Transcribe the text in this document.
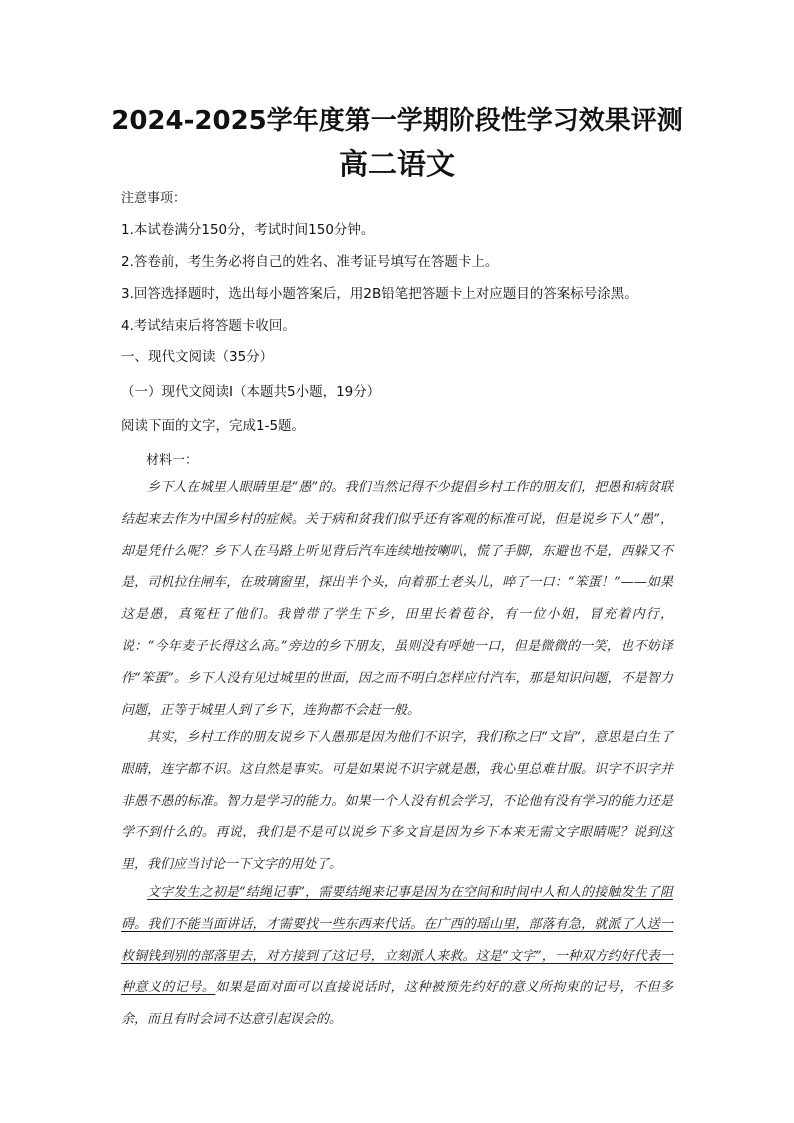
2024-2025学年度第一学期阶段性学习效果评测
高二语文

注意事项：

1.本试卷满分150分，考试时间150分钟。

2.答卷前，考生务必将自己的姓名、准考证号填写在答题卡上。

3.回答选择题时，选出每小题答案后，用2B铅笔把答题卡上对应题目的答案标号涂黑。

4.考试结束后将答题卡收回。

一、现代文阅读（35分）

（一）现代文阅读Ⅰ（本题共5小题，19分）

阅读下面的文字，完成1-5题。

材料一：

乡下人在城里人眼睛里是“愚”的。我们当然记得不少提倡乡村工作的朋友们，把愚和病贫联结起来去作为中国乡村的症候。关于病和贫我们似乎还有客观的标准可说，但是说乡下人“愚”，却是凭什么呢？乡下人在马路上听见背后汽车连续地按喇叭，慌了手脚，东避也不是，西躲又不是，司机拉住闸车，在玻璃窗里，探出半个头，向着那土老头儿，啐了一口：“笨蛋！”——如果这是愚，真冤枉了他们。我曾带了学生下乡，田里长着苞谷，有一位小姐，冒充着内行，说：“今年麦子长得这么高。”旁边的乡下朋友，虽则没有呼她一口，但是微微的一笑，也不妨译作“笨蛋”。乡下人没有见过城里的世面，因之而不明白怎样应付汽车，那是知识问题，不是智力问题，正等于城里人到了乡下，连狗都不会赶一般。

其实，乡村工作的朋友说乡下人愚那是因为他们不识字，我们称之曰“文盲”，意思是白生了眼睛，连字都不识。这自然是事实。可是如果说不识字就是愚，我心里总难甘服。识字不识字并非愚不愚的标准。智力是学习的能力。如果一个人没有机会学习，不论他有没有学习的能力还是学不到什么的。再说，我们是不是可以说乡下多文盲是因为乡下本来无需文字眼睛呢？说到这里，我们应当讨论一下文字的用处了。

文字发生之初是“结绳记事”，需要结绳来记事是因为在空间和时间中人和人的接触发生了阻碍。我们不能当面讲话，才需要找一些东西来代话。在广西的瑶山里，部落有急，就派了人送一枚铜钱到别的部落里去，对方接到了这记号，立刻派人来救。这是“文字”，一种双方约好代表一种意义的记号。如果是面对面可以直接说话时，这种被预先约好的意义所拘束的记号，不但多余，而且有时会词不达意引起误会的。
